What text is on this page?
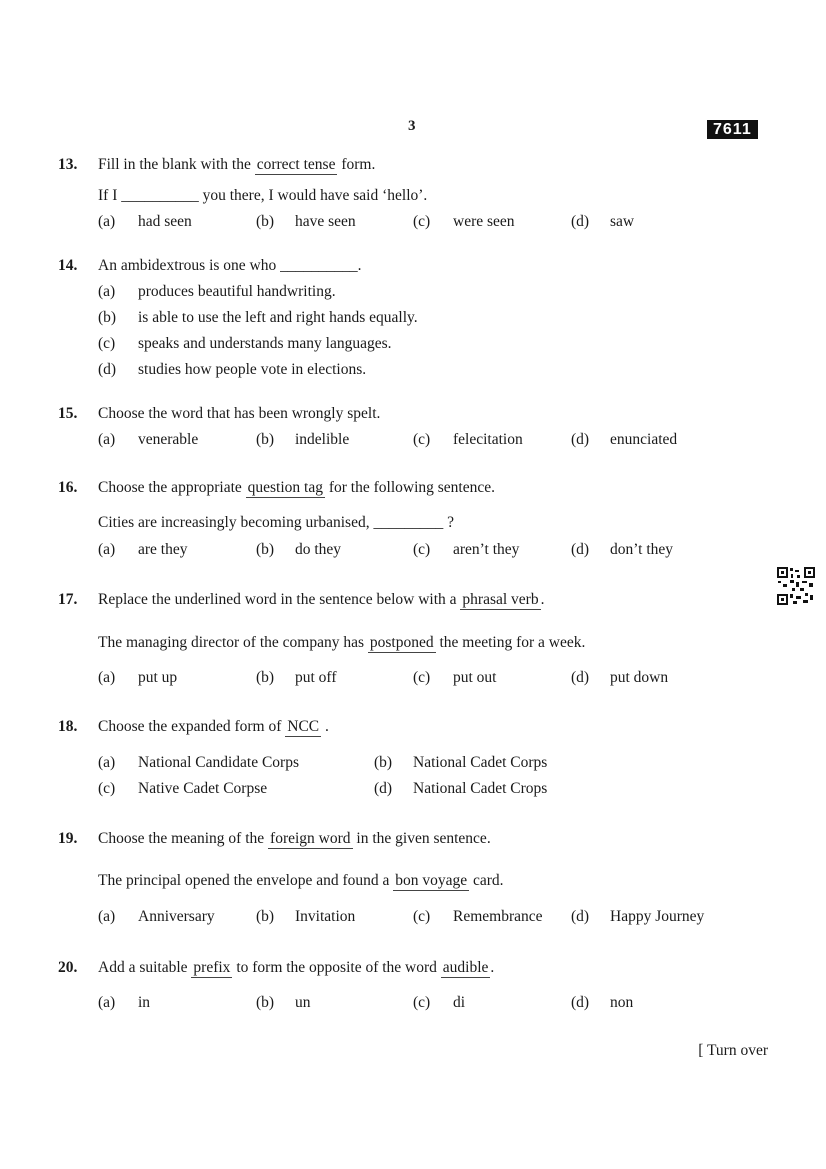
3	7611
13. Fill in the blank with the correct tense form.
If I __________ you there, I would have said ‘hello’.
(a) had seen	(b) have seen	(c) were seen	(d) saw
14. An ambidextrous is one who __________.
(a) produces beautiful handwriting.
(b) is able to use the left and right hands equally.
(c) speaks and understands many languages.
(d) studies how people vote in elections.
15. Choose the word that has been wrongly spelt.
(a) venerable	(b) indelible	(c) felecitation	(d) enunciated
16. Choose the appropriate question tag for the following sentence.
Cities are increasingly becoming urbanised, _________ ?
(a) are they	(b) do they	(c) aren’t they	(d) don’t they
17. Replace the underlined word in the sentence below with a phrasal verb .
The managing director of the company has postponed the meeting for a week.
(a) put up	(b) put off	(c) put out	(d) put down
18. Choose the expanded form of NCC .
(a) National Candidate Corps	(b) National Cadet Corps
(c) Native Cadet Corpse	(d) National Cadet Crops
19. Choose the meaning of the foreign word in the given sentence.
The principal opened the envelope and found a bon voyage card.
(a) Anniversary	(b) Invitation	(c) Remembrance (d) Happy Journey
20. Add a suitable prefix to form the opposite of the word audible .
(a) in	(b) un	(c) di	(d) non
[ Turn over
